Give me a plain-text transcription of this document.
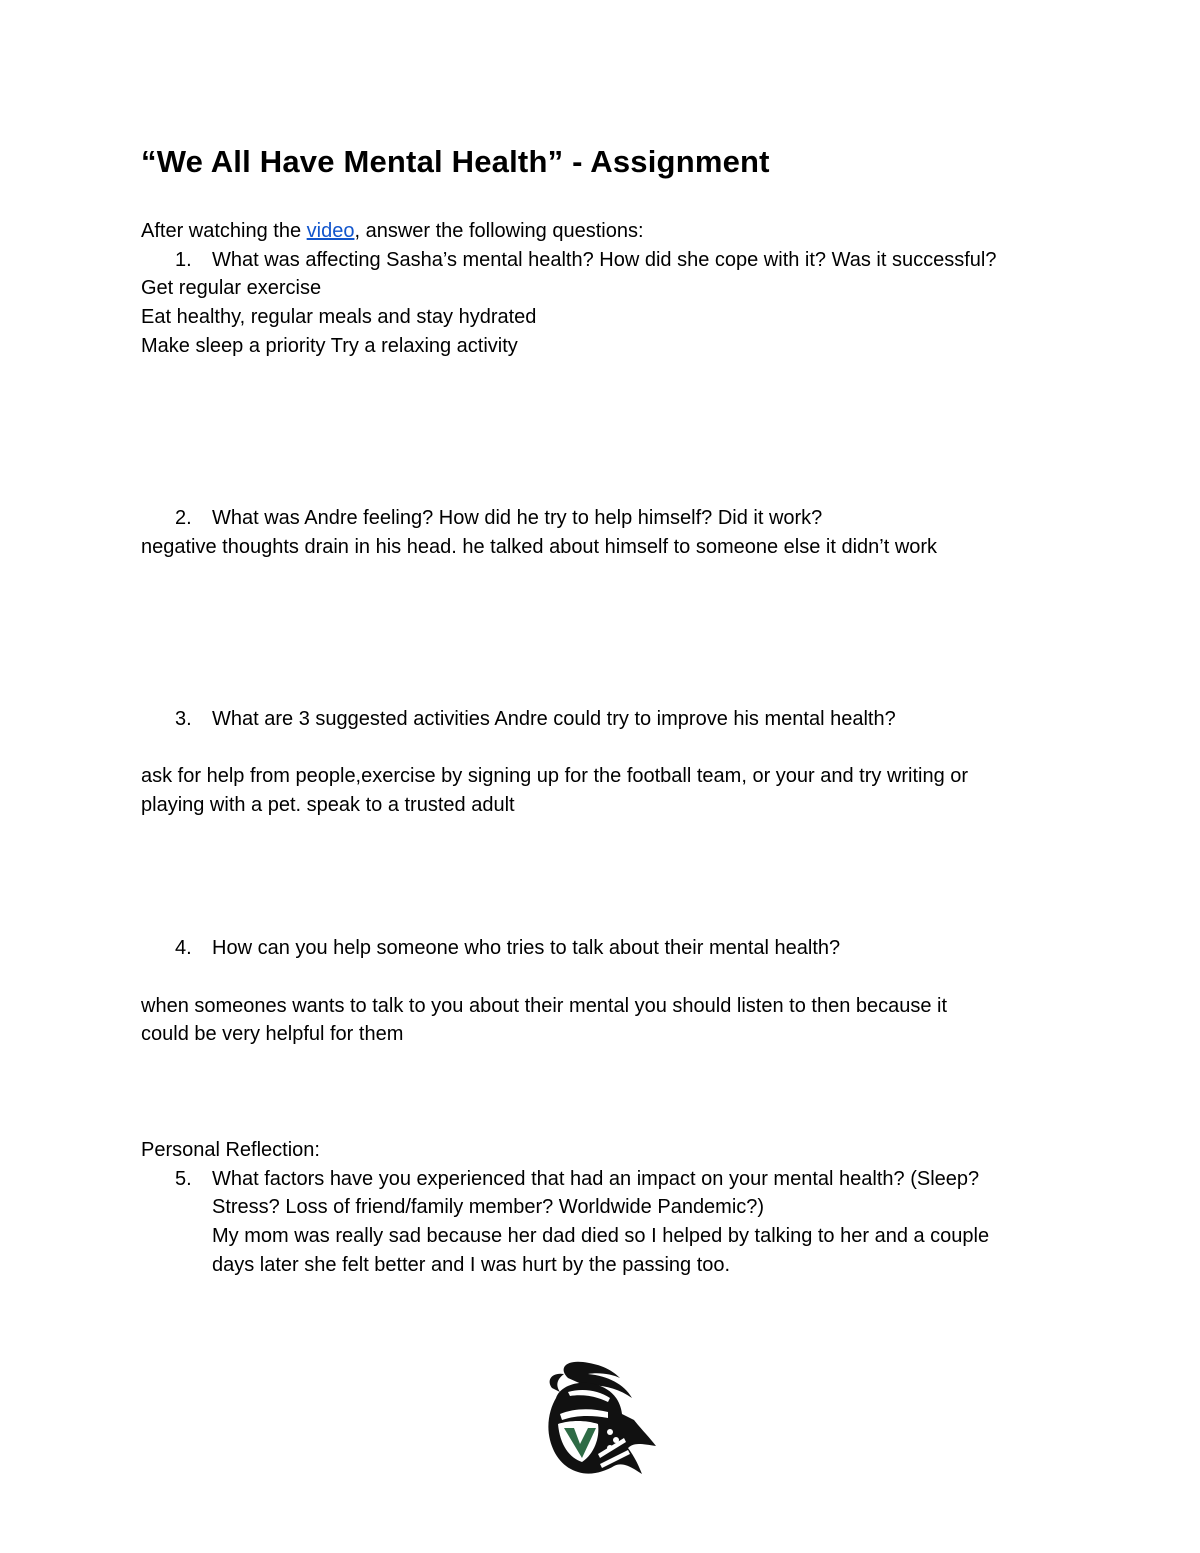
“We All Have Mental Health” - Assignment
After watching the video, answer the following questions:
1. What was affecting Sasha’s mental health? How did she cope with it? Was it successful?
Get regular exercise
Eat healthy, regular meals and stay hydrated
Make sleep a priority Try a relaxing activity
2. What was Andre feeling? How did he try to help himself? Did it work?
negative thoughts drain in his head. he talked about himself to someone else it didn’t work
3. What are 3 suggested activities Andre could try to improve his mental health?
ask for help from people,exercise by signing up for the football team, or your and try writing or
playing with a pet. speak to a trusted adult
4. How can you help someone who tries to talk about their mental health?
when someones wants to talk to you about their mental you should listen to then because it
could be very helpful for them
Personal Reflection:
5. What factors have you experienced that had an impact on your mental health? (Sleep?
Stress? Loss of friend/family member? Worldwide Pandemic?)
My mom was really sad because her dad died so I helped by talking to her and a couple
days later she felt better and I was hurt by the passing too.
